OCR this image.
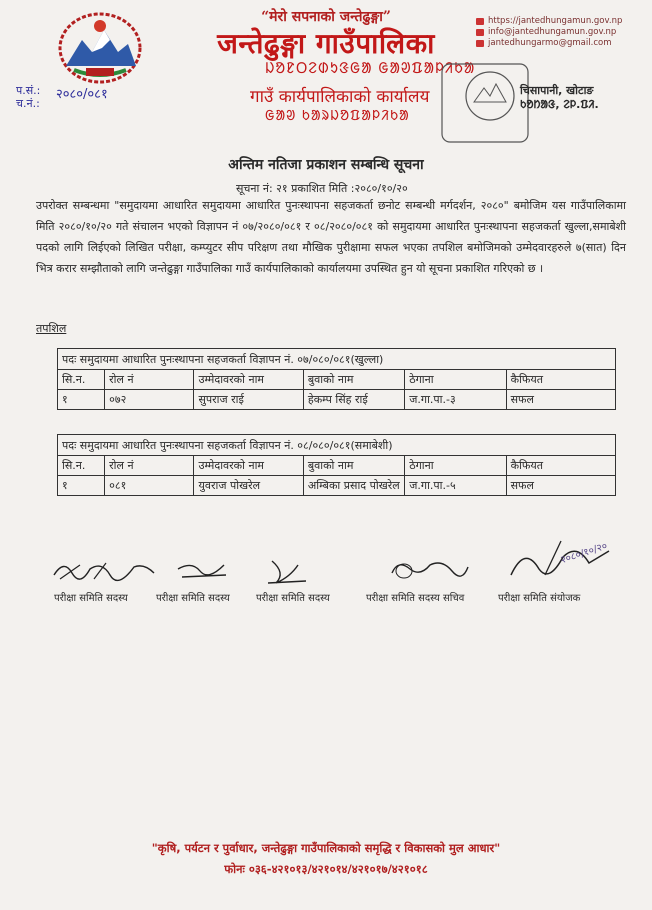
“मेरो सपनाको जन्तेढुङ्गा”
जन्तेढुङ्गा गाउँपालिका
ᱡᱚᱱᱛᱮᱰᱩᱝᱜᱟ ᱜᱟᱣᱯᱟᱞᱤᱠᱟ
गाउँ कार्यपालिकाको कार्यालय
ᱜᱟᱣ ᱠᱟᱨᱡᱚᱯᱟᱞᱤᱠᱟ
https://jantedhungamun.gov.np
info@jantedhungamun.gov.np
jantedhungarmo@gmail.com
प.सं.:
च.नं.:
२०८०/०८१	चिसापानी, खोटाङ
ᱠᱚᱴᱟᱝ, ᱮᱞ.ᱯᱤ.
अन्तिम नतिजा प्रकाशन सम्बन्धि सूचना
सूचना नं: २१ प्रकाशित मिति :२०८०/१०/२०
उपरोक्त सम्बन्धमा "समुदायमा आधारित समुदायमा आधारित पुनःस्थापना सहजकर्ता छनोट सम्बन्धी मर्गदर्शन, २०८०" बमोजिम यस गाउँपालिकामा मिति २०८०/१०/२० गते संचालन भएको विज्ञापन नं ०७/२०८०/०८१ र ०८/२०८०/०८१ को समुदायमा आधारित पुनःस्थापना सहजकर्ता खुल्ला,समाबेशी पदको लागि लिईएको लिखित परीक्षा, कम्प्युटर सीप परिक्षण तथा मौखिक पुरीक्षामा सफल भएका तपशिल बमोजिमको उम्मेदवारहरुले ७(सात) दिन भित्र करार सम्झौताको लागि जन्तेढुङ्गा गाउँपालिका गाउँ कार्यपालिकाको कार्यालयमा उपस्थित हुन यो सूचना प्रकाशित गरिएको छ ।
तपशिल
पदः समुदायमा आधारित पुनःस्थापना सहजकर्ता विज्ञापन नं. ०७/०८०/०८१(खुल्ला)					
सि.न.	रोल नं	उम्मेदावरको नाम	बुवाको नाम	ठेगाना	कैफियत
१	०७२	सुपराज राई	हेकम्प सिंह राई	ज.गा.पा.-३	सफल
पदः समुदायमा आधारित पुनःस्थापना सहजकर्ता विज्ञापन नं. ०८/०८०/०८१(समाबेशी)					
सि.न.	रोल नं	उम्मेदावरको नाम	बुवाको नाम	ठेगाना	कैफियत
१	०८१	युवराज पोखरेल	अम्बिका प्रसाद पोखरेल	ज.गा.पा.-५	सफल
परीक्षा समिति सदस्य	परीक्षा समिति सदस्य	परीक्षा समिति सदस्य	परीक्षा समिति सदस्य सचिव	परीक्षा समिति संयोजक
२०८०/१०/२०
"कृषि, पर्यटन र पुर्वाधार, जन्तेढुङ्गा गाउँपालिकाको समृद्धि र विकासको मुल आधार"
फोनः ०३६-४२१०१३/४२१०१४/४२१०१७/४२१०१८
